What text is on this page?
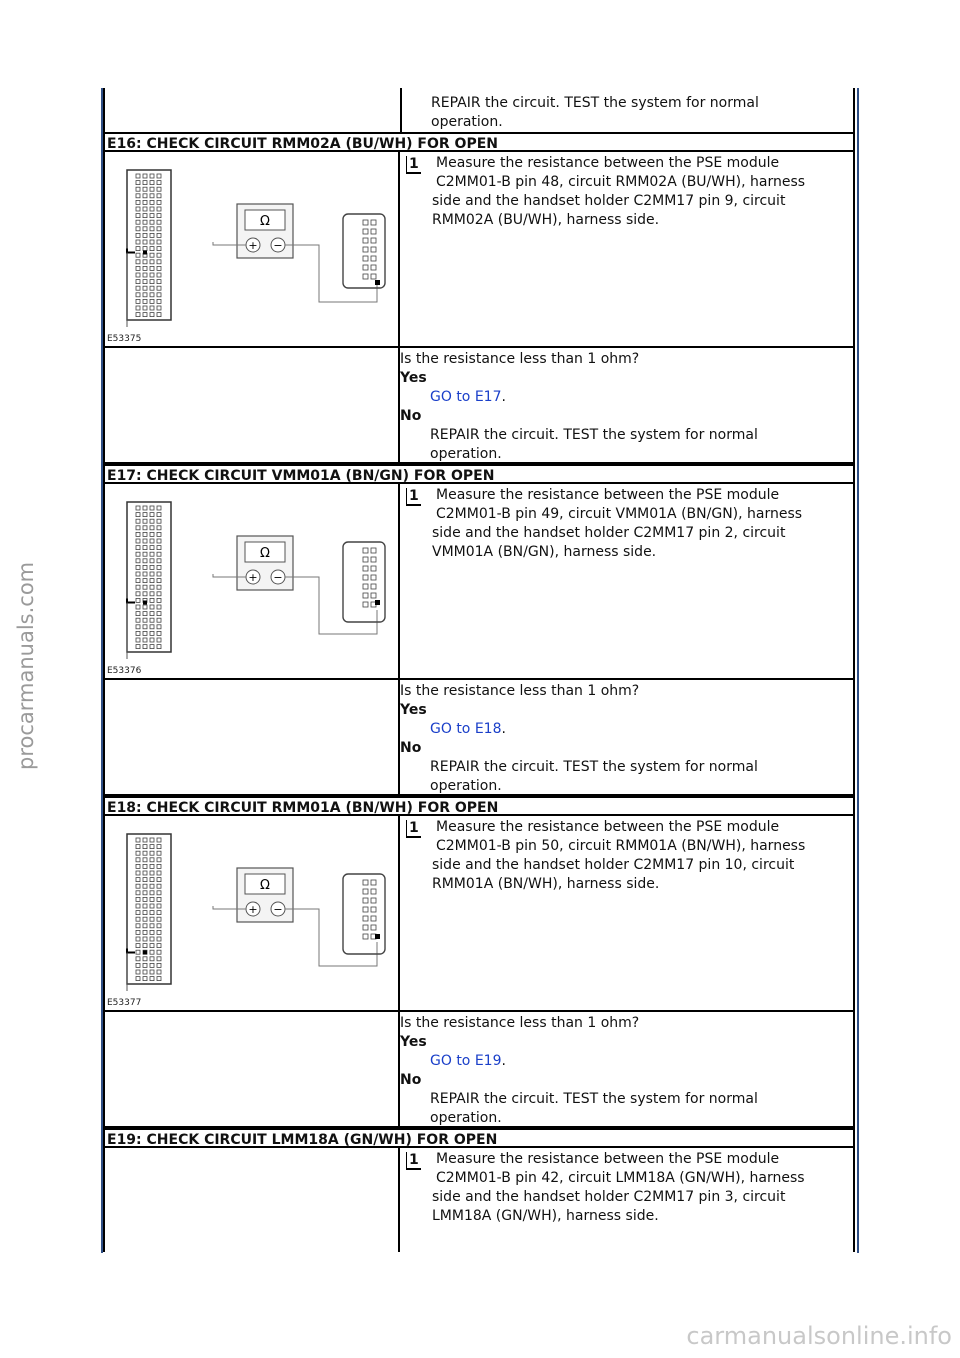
REPAIR the circuit. TEST the system for normal
operation.
E16: CHECK CIRCUIT RMM02A (BU/WH) FOR OPEN
Ω
+ −
E53375
1 Measure the resistance between the PSE module
C2MM01-B pin 48, circuit RMM02A (BU/WH), harness
side and the handset holder C2MM17 pin 9, circuit
RMM02A (BU/WH), harness side.
Is the resistance less than 1 ohm?
Yes
GO to E17.
No
REPAIR the circuit. TEST the system for normal
operation.
E17: CHECK CIRCUIT VMM01A (BN/GN) FOR OPEN
Ω
+ −
E53376
1 Measure the resistance between the PSE module
C2MM01-B pin 49, circuit VMM01A (BN/GN), harness
side and the handset holder C2MM17 pin 2, circuit
VMM01A (BN/GN), harness side.
Is the resistance less than 1 ohm?
Yes
GO to E18.
No
REPAIR the circuit. TEST the system for normal
operation.
E18: CHECK CIRCUIT RMM01A (BN/WH) FOR OPEN
Ω
+ −
E53377
1 Measure the resistance between the PSE module
C2MM01-B pin 50, circuit RMM01A (BN/WH), harness
side and the handset holder C2MM17 pin 10, circuit
RMM01A (BN/WH), harness side.
Is the resistance less than 1 ohm?
Yes
GO to E19.
No
REPAIR the circuit. TEST the system for normal
operation.
E19: CHECK CIRCUIT LMM18A (GN/WH) FOR OPEN
1 Measure the resistance between the PSE module
C2MM01-B pin 42, circuit LMM18A (GN/WH), harness
side and the handset holder C2MM17 pin 3, circuit
LMM18A (GN/WH), harness side.
procarmanuals.com
carmanualsonline.info
